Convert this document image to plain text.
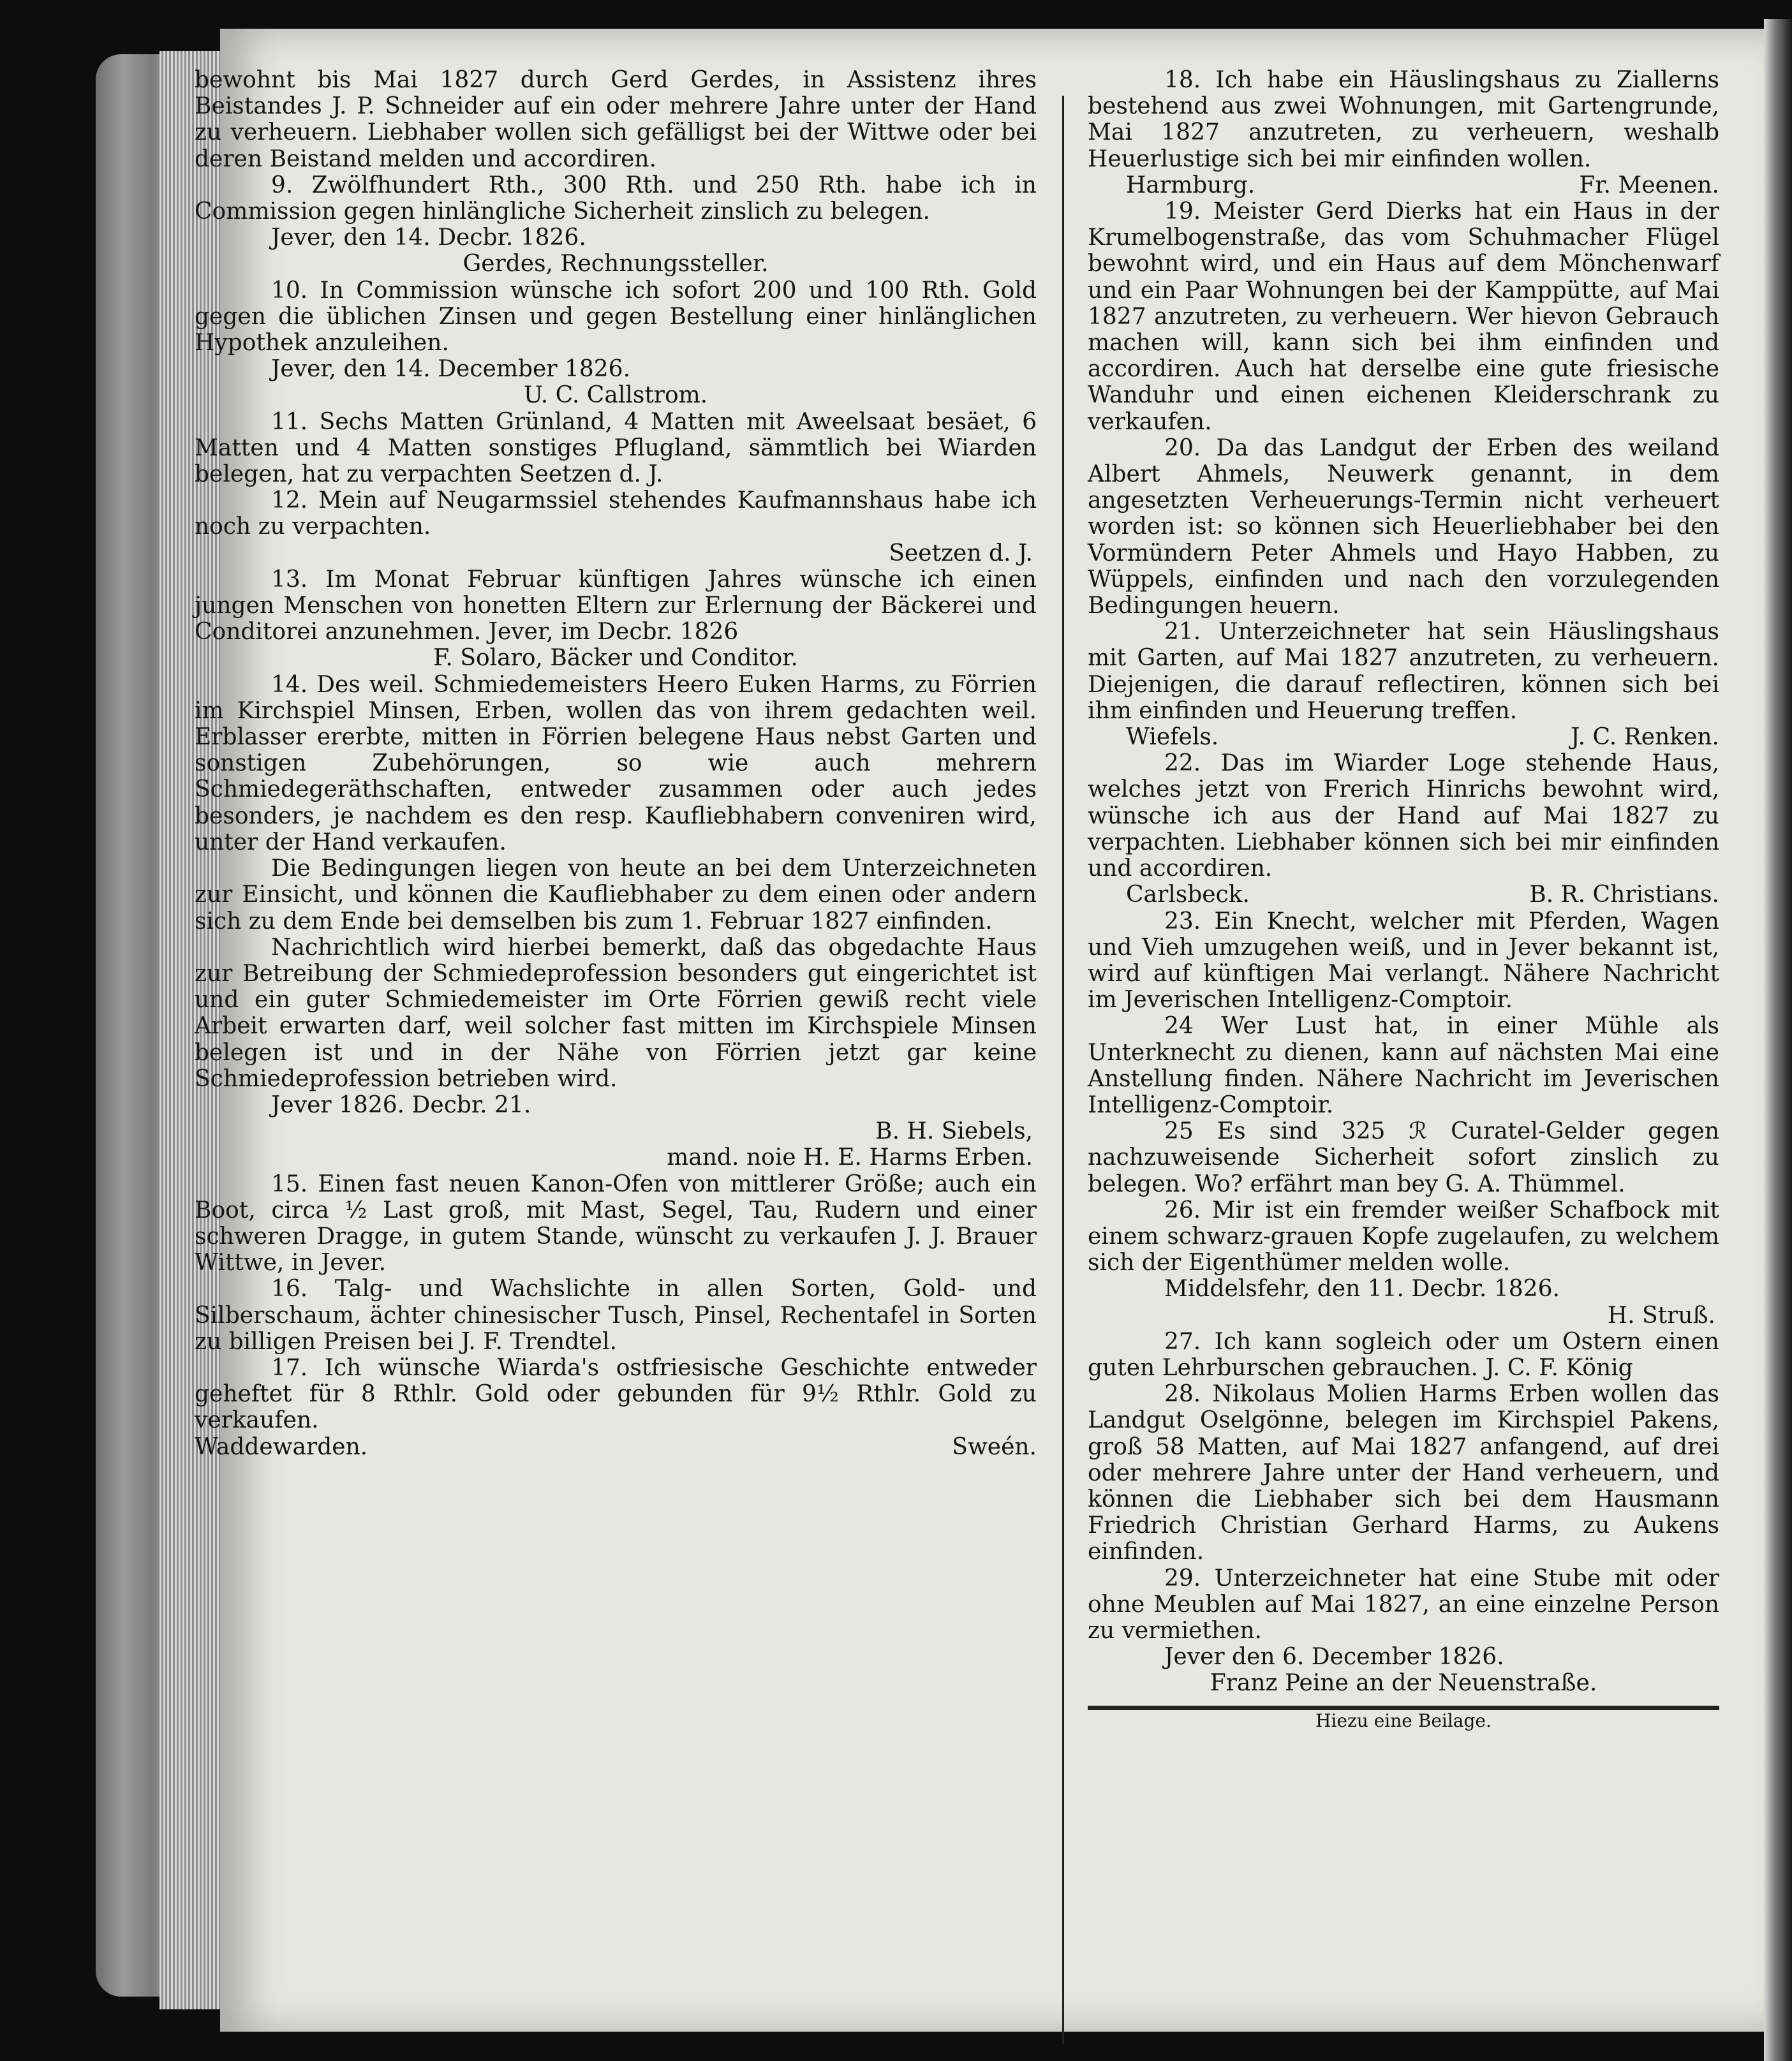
bewohnt bis Mai 1827 durch Gerd Gerdes, in Assistenz ihres Beistandes J. P. Schneider auf ein oder mehrere Jahre unter der Hand zu verheuern. Liebhaber wollen sich gefälligst bei der Wittwe oder bei deren Beistand melden und accordiren.

9. Zwölfhundert Rth., 300 Rth. und 250 Rth. habe ich in Commission gegen hinlängliche Sicherheit zinslich zu belegen.

Jever, den 14. Decbr. 1826.

Gerdes, Rechnungssteller.

10. In Commission wünsche ich sofort 200 und 100 Rth. Gold gegen die üblichen Zinsen und gegen Bestellung einer hinlänglichen Hypothek anzuleihen.

Jever, den 14. December 1826.

U. C. Callstrom.

11. Sechs Matten Grünland, 4 Matten mit Aweelsaat besäet, 6 Matten und 4 Matten sonstiges Pflugland, sämmtlich bei Wiarden belegen, hat zu verpachten Seetzen d. J.

12. Mein auf Neugarmssiel stehendes Kaufmannshaus habe ich noch zu verpachten.

Seetzen d. J.

13. Im Monat Februar künftigen Jahres wünsche ich einen jungen Menschen von honetten Eltern zur Erlernung der Bäckerei und Conditorei anzunehmen. Jever, im Decbr. 1826

F. Solaro, Bäcker und Conditor.

14. Des weil. Schmiedemeisters Heero Euken Harms, zu Förrien im Kirchspiel Minsen, Erben, wollen das von ihrem gedachten weil. Erblasser ererbte, mitten in Förrien belegene Haus nebst Garten und sonstigen Zubehörungen, so wie auch mehrern Schmiedegeräthschaften, entweder zusammen oder auch jedes besonders, je nachdem es den resp. Kaufliebhabern conveniren wird, unter der Hand verkaufen.

Die Bedingungen liegen von heute an bei dem Unterzeichneten zur Einsicht, und können die Kaufliebhaber zu dem einen oder andern sich zu dem Ende bei demselben bis zum 1. Februar 1827 einfinden.

Nachrichtlich wird hierbei bemerkt, daß das obgedachte Haus zur Betreibung der Schmiedeprofession besonders gut eingerichtet ist und ein guter Schmiedemeister im Orte Förrien gewiß recht viele Arbeit erwarten darf, weil solcher fast mitten im Kirchspiele Minsen belegen ist und in der Nähe von Förrien jetzt gar keine Schmiedeprofession betrieben wird.

Jever 1826. Decbr. 21.

B. H. Siebels,

mand. noie H. E. Harms Erben.

15. Einen fast neuen Kanon-Ofen von mittlerer Größe; auch ein Boot, circa ½ Last groß, mit Mast, Segel, Tau, Rudern und einer schweren Dragge, in gutem Stande, wünscht zu verkaufen J. J. Brauer Wittwe, in Jever.

16. Talg- und Wachslichte in allen Sorten, Gold- und Silberschaum, ächter chinesischer Tusch, Pinsel, Rechentafel in Sorten zu billigen Preisen bei J. F. Trendtel.

17. Ich wünsche Wiarda's ostfriesische Geschichte entweder geheftet für 8 Rthlr. Gold oder gebunden für 9½ Rthlr. Gold zu verkaufen.

Waddewarden.	Sweén.

18. Ich habe ein Häuslingshaus zu Ziallerns bestehend aus zwei Wohnungen, mit Gartengrunde, Mai 1827 anzutreten, zu verheuern, weshalb Heuerlustige sich bei mir einfinden wollen.

Harmburg.	Fr. Meenen.

19. Meister Gerd Dierks hat ein Haus in der Krumelbogenstraße, das vom Schuhmacher Flügel bewohnt wird, und ein Haus auf dem Mönchenwarf und ein Paar Wohnungen bei der Kamppütte, auf Mai 1827 anzutreten, zu verheuern. Wer hievon Gebrauch machen will, kann sich bei ihm einfinden und accordiren. Auch hat derselbe eine gute friesische Wanduhr und einen eichenen Kleiderschrank zu verkaufen.

20. Da das Landgut der Erben des weiland Albert Ahmels, Neuwerk genannt, in dem angesetzten Verheuerungs-Termin nicht verheuert worden ist: so können sich Heuerliebhaber bei den Vormündern Peter Ahmels und Hayo Habben, zu Wüppels, einfinden und nach den vorzulegenden Bedingungen heuern.

21. Unterzeichneter hat sein Häuslingshaus mit Garten, auf Mai 1827 anzutreten, zu verheuern. Diejenigen, die darauf reflectiren, können sich bei ihm einfinden und Heuerung treffen.

Wiefels.	J. C. Renken.

22. Das im Wiarder Loge stehende Haus, welches jetzt von Frerich Hinrichs bewohnt wird, wünsche ich aus der Hand auf Mai 1827 zu verpachten. Liebhaber können sich bei mir einfinden und accordiren.

Carlsbeck.	B. R. Christians.

23. Ein Knecht, welcher mit Pferden, Wagen und Vieh umzugehen weiß, und in Jever bekannt ist, wird auf künftigen Mai verlangt. Nähere Nachricht im Jeverischen Intelligenz-Comptoir.

24 Wer Lust hat, in einer Mühle als Unterknecht zu dienen, kann auf nächsten Mai eine Anstellung finden. Nähere Nachricht im Jeverischen Intelligenz-Comptoir.

25 Es sind 325 ℛ Curatel-Gelder gegen nachzuweisende Sicherheit sofort zinslich zu belegen. Wo? erfährt man bey G. A. Thümmel.

26. Mir ist ein fremder weißer Schafbock mit einem schwarz-grauen Kopfe zugelaufen, zu welchem sich der Eigenthümer melden wolle.

Middelsfehr, den 11. Decbr. 1826.

H. Struß.

27. Ich kann sogleich oder um Ostern einen guten Lehrburschen gebrauchen. J. C. F. König

28. Nikolaus Molien Harms Erben wollen das Landgut Oselgönne, belegen im Kirchspiel Pakens, groß 58 Matten, auf Mai 1827 anfangend, auf drei oder mehrere Jahre unter der Hand verheuern, und können die Liebhaber sich bei dem Hausmann Friedrich Christian Gerhard Harms, zu Aukens einfinden.

29. Unterzeichneter hat eine Stube mit oder ohne Meublen auf Mai 1827, an eine einzelne Person zu vermiethen.

Jever den 6. December 1826.

Franz Peine an der Neuenstraße.

Hiezu eine Beilage.
